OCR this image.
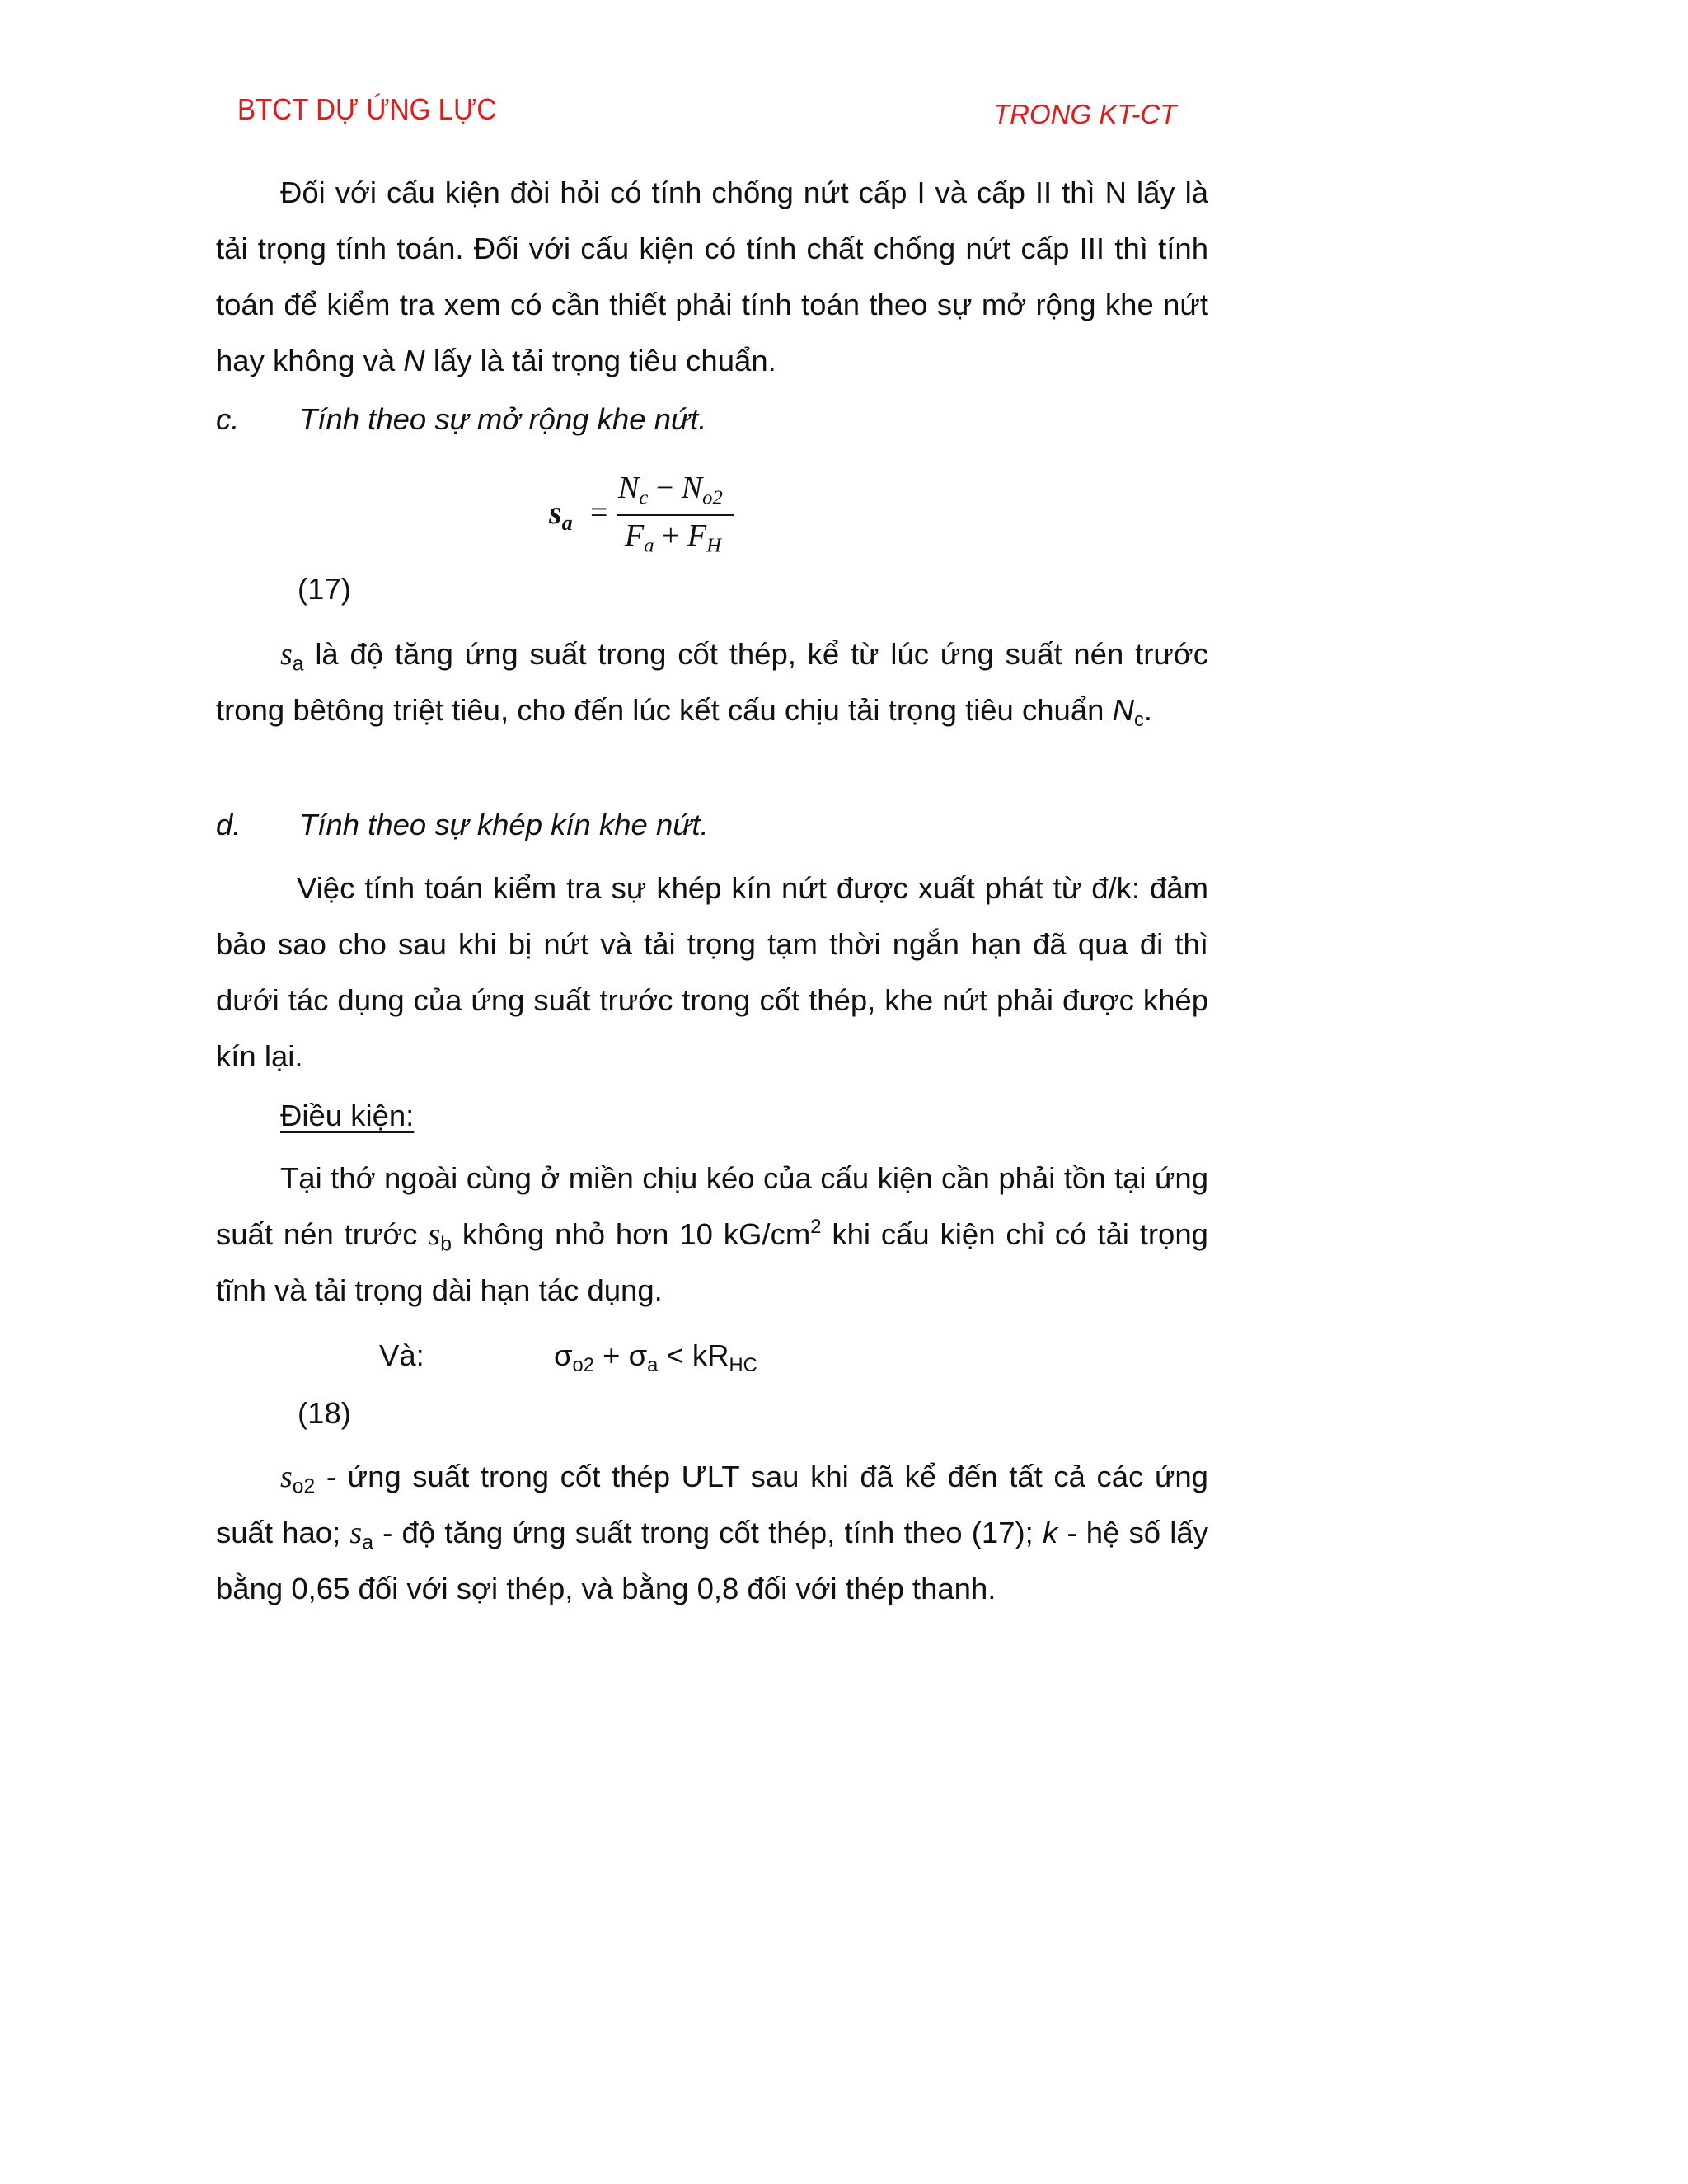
BTCT DỰ ỨNG LỰC	TRONG KT-CT
Đối với cấu kiện đòi hỏi có tính chống nứt cấp I và cấp II thì N lấy là tải trọng tính toán. Đối với cấu kiện có tính chất chống nứt cấp III thì tính toán để kiểm tra xem có cần thiết phải tính toán theo sự mở rộng khe nứt hay không và N lấy là tải trọng tiêu chuẩn.
c. Tính theo sự mở rộng khe nứt.
$s_a$ =
$N_c - N_{o2}$
$F_a + F_H$
(17)
$s_a$ là độ tăng ứng suất trong cốt thép, kể từ lúc ứng suất nén trước trong bêtông triệt tiêu, cho đến lúc kết cấu chịu tải trọng tiêu chuẩn $N_c$.
d. Tính theo sự khép kín khe nứt.
Việc tính toán kiểm tra sự khép kín nứt được xuất phát từ đ/k: đảm bảo sao cho sau khi bị nứt và tải trọng tạm thời ngắn hạn đã qua đi thì dưới tác dụng của ứng suất trước trong cốt thép, khe nứt phải được khép kín lại.
Điều kiện:
Tại thớ ngoài cùng ở miền chịu kéo của cấu kiện cần phải tồn tại ứng suất nén trước $s_b$ không nhỏ hơn 10 $kG/cm^2$ khi cấu kiện chỉ có tải trọng tĩnh và tải trọng dài hạn tác dụng.
Và:	$\sigma_{o2} + \sigma_a < kR_{HC}$
(18)
$s_{o2}$ - ứng suất trong cốt thép ƯLT sau khi đã kể đến tất cả các ứng suất hao; $s_a$ - độ tăng ứng suất trong cốt thép, tính theo (17); k - hệ số lấy bằng 0,65 đối với sợi thép, và bằng 0,8 đối với thép thanh.
